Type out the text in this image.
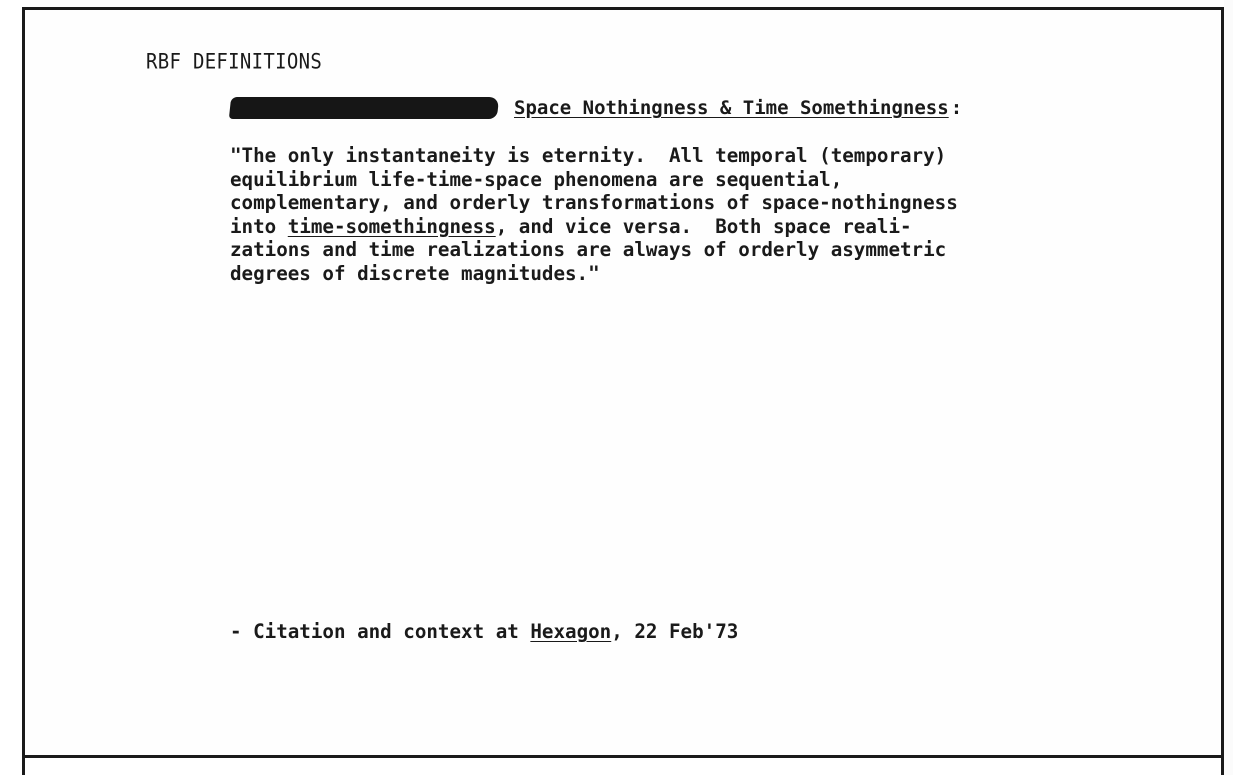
RBF DEFINITIONS
Space Nothingness & Time Somethingness :
"The only instantaneity is eternity.  All temporal (temporary)
equilibrium life-time-space phenomena are sequential,
complementary, and orderly transformations of space-nothingness
into time-somethingness, and vice versa.  Both space reali-
zations and time realizations are always of orderly asymmetric
degrees of discrete magnitudes."
- Citation and context at Hexagon, 22 Feb'73
